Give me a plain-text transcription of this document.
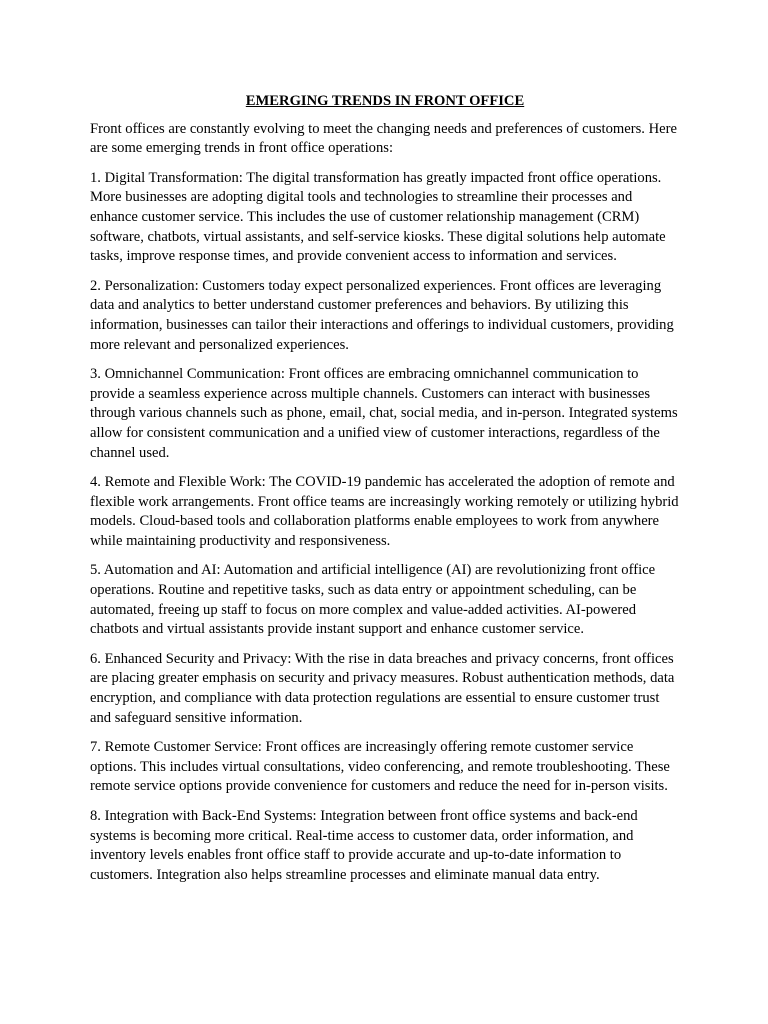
EMERGING TRENDS IN FRONT OFFICE

Front offices are constantly evolving to meet the changing needs and preferences of customers. Here are some emerging trends in front office operations:

1. Digital Transformation: The digital transformation has greatly impacted front office operations. More businesses are adopting digital tools and technologies to streamline their processes and enhance customer service. This includes the use of customer relationship management (CRM) software, chatbots, virtual assistants, and self-service kiosks. These digital solutions help automate tasks, improve response times, and provide convenient access to information and services.

2. Personalization: Customers today expect personalized experiences. Front offices are leveraging data and analytics to better understand customer preferences and behaviors. By utilizing this information, businesses can tailor their interactions and offerings to individual customers, providing more relevant and personalized experiences.

3. Omnichannel Communication: Front offices are embracing omnichannel communication to provide a seamless experience across multiple channels. Customers can interact with businesses through various channels such as phone, email, chat, social media, and in-person. Integrated systems allow for consistent communication and a unified view of customer interactions, regardless of the channel used.

4. Remote and Flexible Work: The COVID-19 pandemic has accelerated the adoption of remote and flexible work arrangements. Front office teams are increasingly working remotely or utilizing hybrid models. Cloud-based tools and collaboration platforms enable employees to work from anywhere while maintaining productivity and responsiveness.

5. Automation and AI: Automation and artificial intelligence (AI) are revolutionizing front office operations. Routine and repetitive tasks, such as data entry or appointment scheduling, can be automated, freeing up staff to focus on more complex and value-added activities. AI-powered chatbots and virtual assistants provide instant support and enhance customer service.

6. Enhanced Security and Privacy: With the rise in data breaches and privacy concerns, front offices are placing greater emphasis on security and privacy measures. Robust authentication methods, data encryption, and compliance with data protection regulations are essential to ensure customer trust and safeguard sensitive information.

7. Remote Customer Service: Front offices are increasingly offering remote customer service options. This includes virtual consultations, video conferencing, and remote troubleshooting. These remote service options provide convenience for customers and reduce the need for in-person visits.

8. Integration with Back-End Systems: Integration between front office systems and back-end systems is becoming more critical. Real-time access to customer data, order information, and inventory levels enables front office staff to provide accurate and up-to-date information to customers. Integration also helps streamline processes and eliminate manual data entry.
